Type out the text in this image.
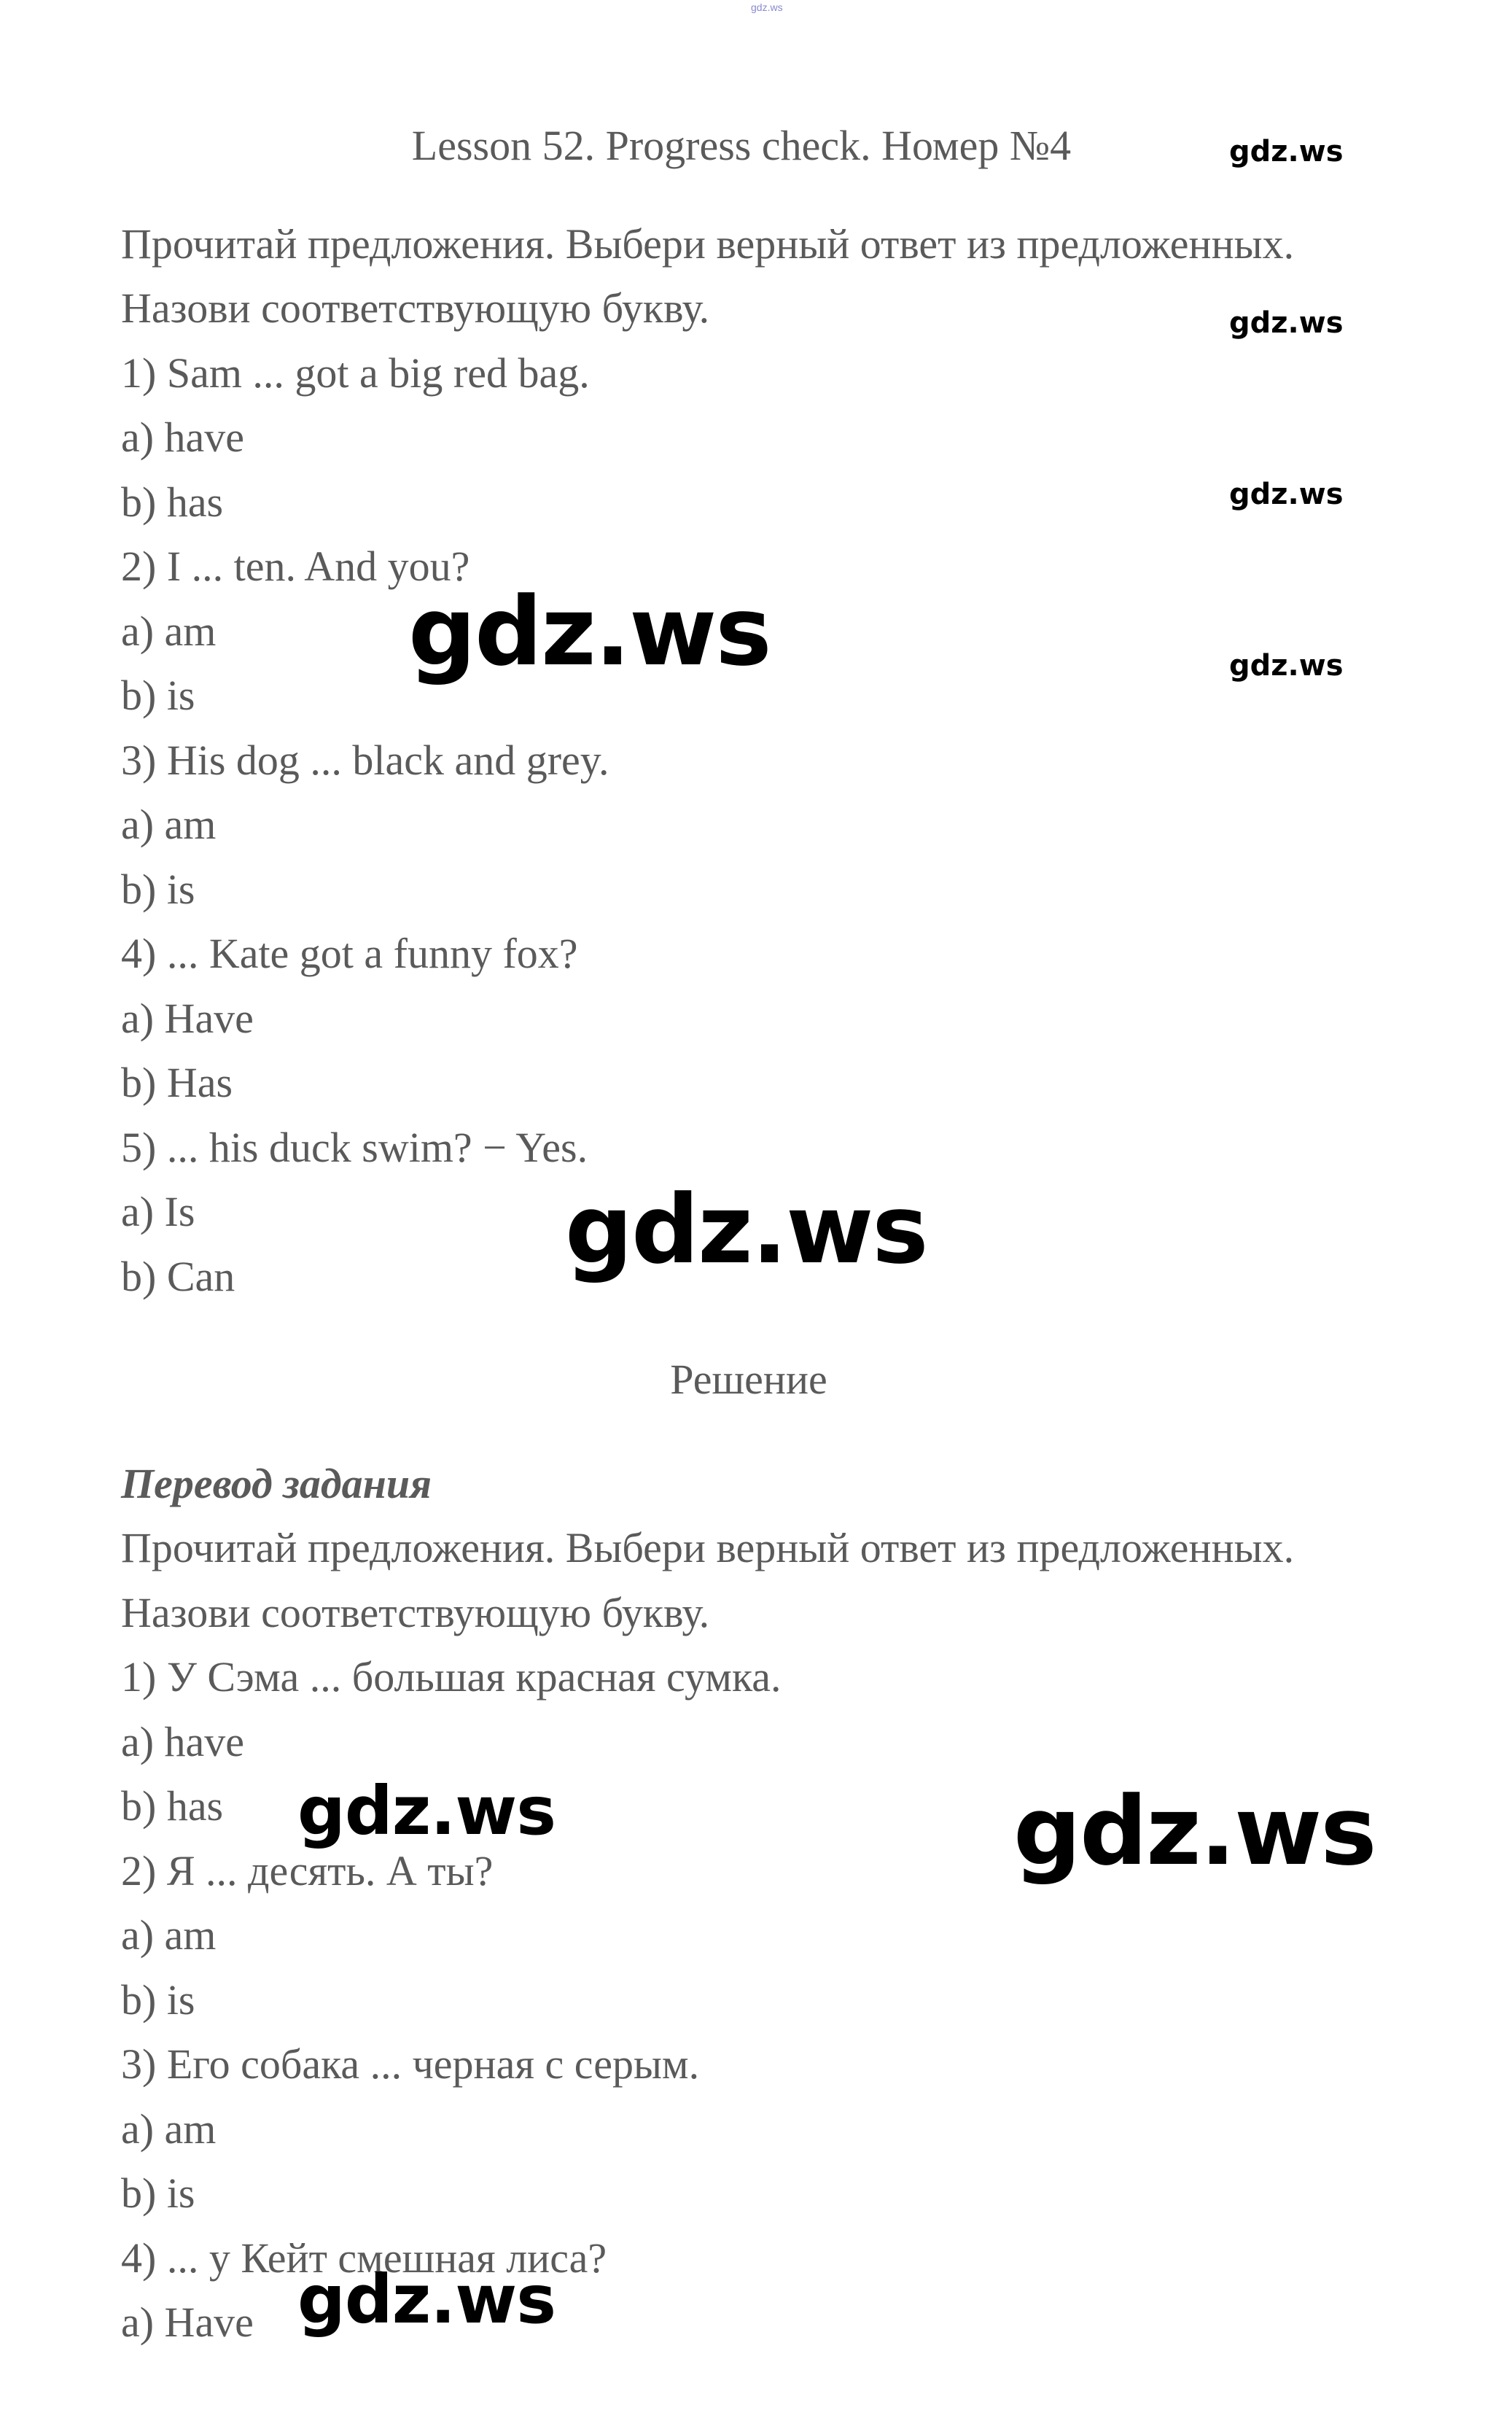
gdz.ws
Lesson 52. Progress check. Номер №4
Прочитай предложения. Выбери верный ответ из предложенных.
Назови соответствующую букву.
1) Sam ... got a big red bag.
a) have
b) has
2) I ... ten. And you?
a) am
b) is
3) His dog ... black and grey.
a) am
b) is
4) ... Kate got a funny fox?
a) Have
b) Has
5) ... his duck swim? − Yes.
a) Is
b) Can
Решение
Перевод задания
Прочитай предложения. Выбери верный ответ из предложенных.
Назови соответствующую букву.
1) У Сэма ... большая красная сумка.
a) have
b) has
2) Я ... десять. А ты?
a) am
b) is
3) Его собака ... черная с серым.
a) am
b) is
4) ... у Кейт смешная лиса?
a) Have
gdz.ws
gdz.ws
gdz.ws
gdz.ws
gdz.ws
gdz.ws
gdz.ws
gdz.ws
gdz.ws
